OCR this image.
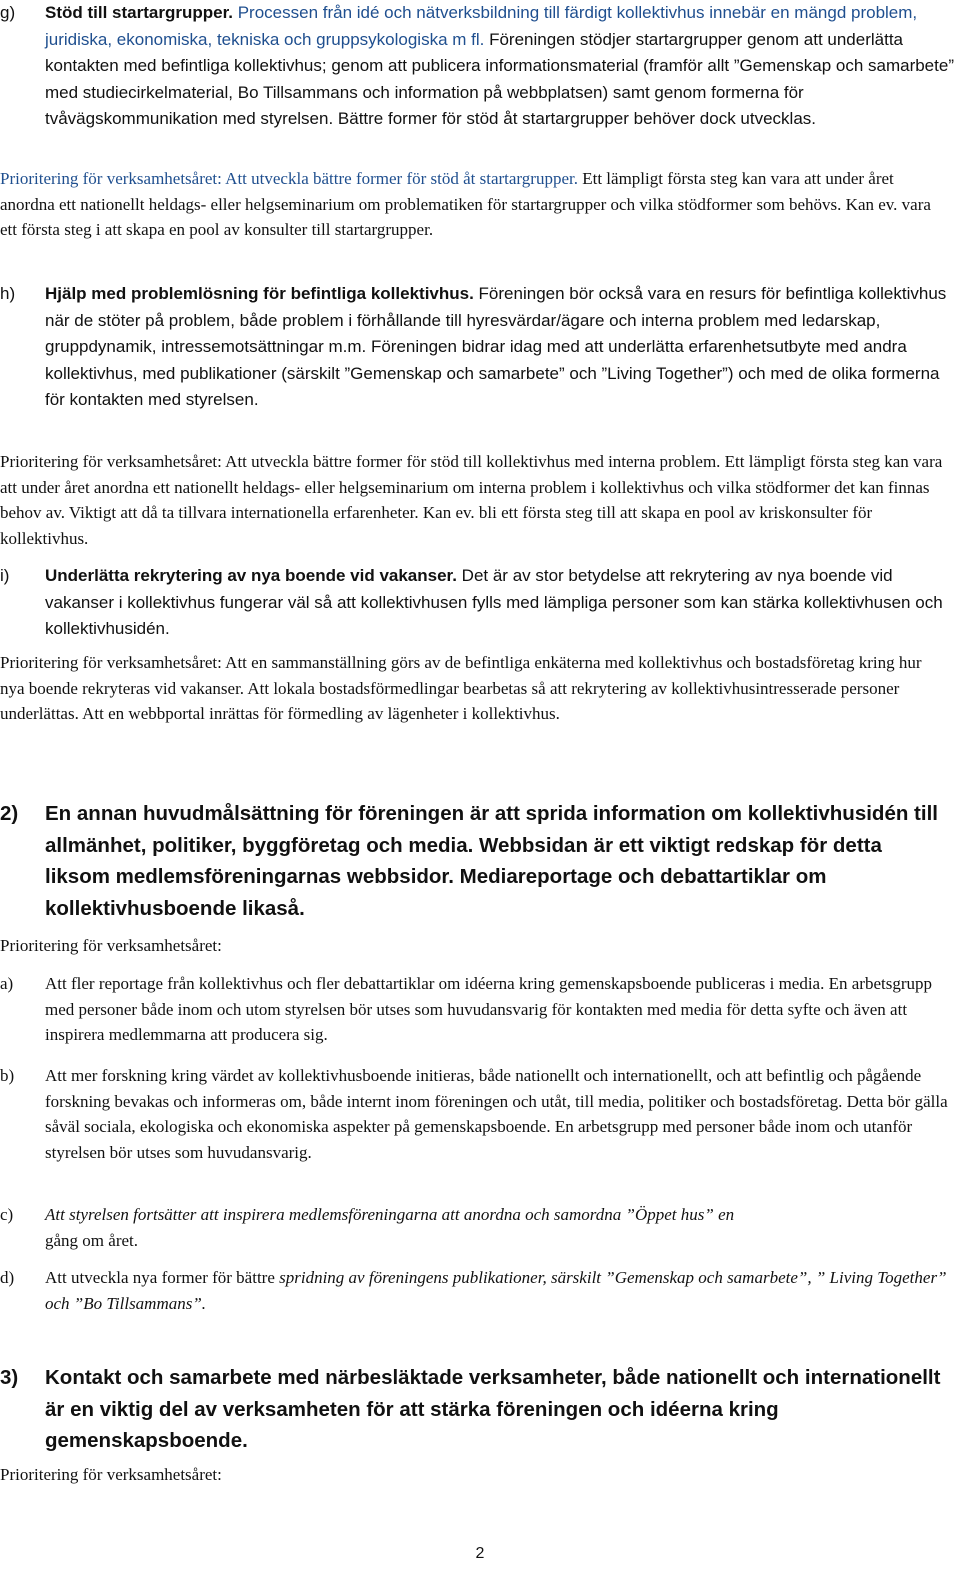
g) Stöd till startargrupper. Processen från idé och nätverksbildning till färdigt kollektivhus innebär en mängd problem, juridiska, ekonomiska, tekniska och gruppsykologiska m fl. Föreningen stödjer startargrupper genom att underlätta kontakten med befintliga kollektivhus; genom att publicera informationsmaterial (framför allt ”Gemenskap och samarbete” med studiecirkelmaterial, Bo Tillsammans och information på webbplatsen) samt genom formerna för tvåvägskommunikation med styrelsen. Bättre former för stöd åt startargrupper behöver dock utvecklas.

Prioritering för verksamhetsåret: Att utveckla bättre former för stöd åt startargrupper. Ett lämpligt första steg kan vara att under året anordna ett nationellt heldags- eller helgseminarium om problematiken för startargrupper och vilka stödformer som behövs. Kan ev. vara ett första steg i att skapa en pool av konsulter till startargrupper.

h) Hjälp med problemlösning för befintliga kollektivhus. Föreningen bör också vara en resurs för befintliga kollektivhus när de stöter på problem, både problem i förhållande till hyresvärdar/ägare och interna problem med ledarskap, gruppdynamik, intressemotsättningar m.m. Föreningen bidrar idag med att underlätta erfarenhetsutbyte med andra kollektivhus, med publikationer (särskilt ”Gemenskap och samarbete” och ”Living Together”) och med de olika formerna för kontakten med styrelsen.

Prioritering för verksamhetsåret: Att utveckla bättre former för stöd till kollektivhus med interna problem. Ett lämpligt första steg kan vara att under året anordna ett nationellt heldags- eller helgseminarium om interna problem i kollektivhus och vilka stödformer det kan finnas behov av. Viktigt att då ta tillvara internationella erfarenheter. Kan ev. bli ett första steg till att skapa en pool av kriskonsulter för kollektivhus.

i) Underlätta rekrytering av nya boende vid vakanser. Det är av stor betydelse att rekrytering av nya boende vid vakanser i kollektivhus fungerar väl så att kollektivhusen fylls med lämpliga personer som kan stärka kollektivhusen och kollektivhusidén.

Prioritering för verksamhetsåret: Att en sammanställning görs av de befintliga enkäterna med kollektivhus och bostadsföretag kring hur nya boende rekryteras vid vakanser. Att lokala bostadsförmedlingar bearbetas så att rekrytering av kollektivhusintresserade personer underlättas. Att en webbportal inrättas för förmedling av lägenheter i kollektivhus.

2) En annan huvudmålsättning för föreningen är att sprida information om kollektivhusidén till allmänhet, politiker, byggföretag och media. Webbsidan är ett viktigt redskap för detta liksom medlemsföreningarnas webbsidor. Mediareportage och debattartiklar om kollektivhusboende likaså.

Prioritering för verksamhetsåret:

a) Att fler reportage från kollektivhus och fler debattartiklar om idéerna kring gemenskapsboende publiceras i media. En arbetsgrupp med personer både inom och utom styrelsen bör utses som huvudansvarig för kontakten med media för detta syfte och även att inspirera medlemmarna att producera sig.
b) Att mer forskning kring värdet av kollektivhusboende initieras, både nationellt och internationellt, och att befintlig och pågående forskning bevakas och informeras om, både internt inom föreningen och utåt, till media, politiker och bostadsföretag. Detta bör gälla såväl sociala, ekologiska och ekonomiska aspekter på gemenskapsboende. En arbetsgrupp med personer både inom och utanför styrelsen bör utses som huvudansvarig.
c) Att styrelsen fortsätter att inspirera medlemsföreningarna att anordna och samordna ”Öppet hus” en
gång om året.
d) Att utveckla nya former för bättre spridning av föreningens publikationer, särskilt ”Gemenskap och samarbete”, ” Living Together” och ”Bo Tillsammans”.
3) Kontakt och samarbete med närbesläktade verksamheter, både nationellt och internationellt är en viktig del av verksamheten för att stärka föreningen och idéerna kring gemenskapsboende.

Prioritering för verksamhetsåret:

2
